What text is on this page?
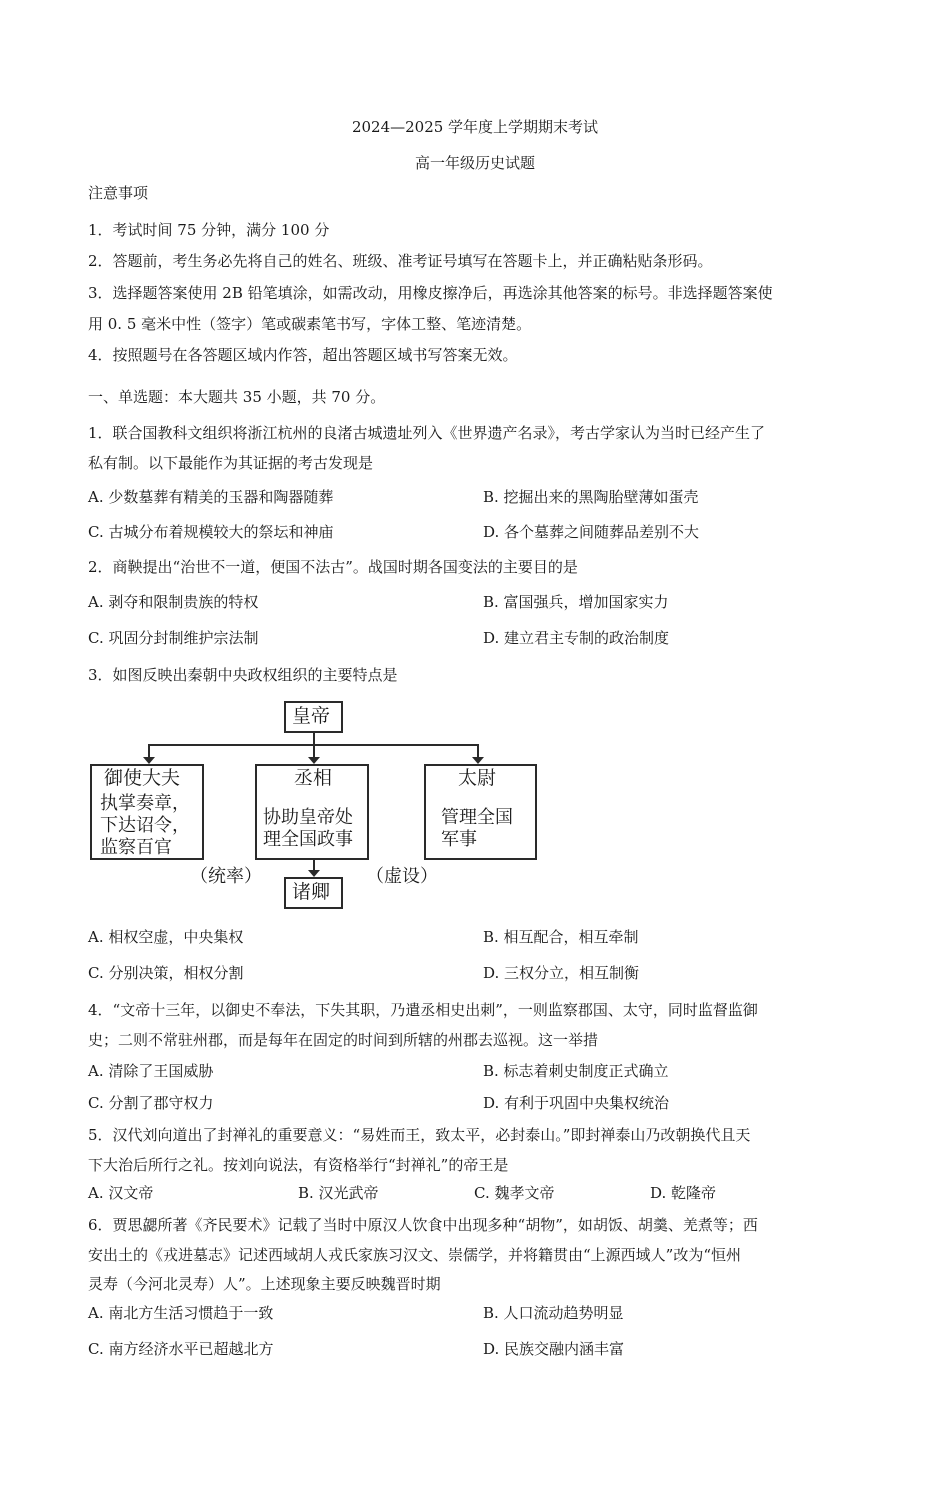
2024—2025 学年度上学期期末考试
高一年级历史试题
注意事项
1．考试时间 75 分钟，满分 100 分
2．答题前，考生务必先将自己的姓名、班级、准考证号填写在答题卡上，并正确粘贴条形码。
3．选择题答案使用 2B 铅笔填涂，如需改动，用橡皮擦净后，再选涂其他答案的标号。非选择题答案使
用 0. 5 毫米中性（签字）笔或碳素笔书写，字体工整、笔迹清楚。
4．按照题号在各答题区域内作答，超出答题区域书写答案无效。
一、单选题：本大题共 35 小题，共 70 分。
1．联合国教科文组织将浙江杭州的良渚古城遗址列入《世界遗产名录》，考古学家认为当时已经产生了
私有制。以下最能作为其证据的考古发现是
A. 少数墓葬有精美的玉器和陶器随葬	B. 挖掘出来的黑陶胎壁薄如蛋壳
C. 古城分布着规模较大的祭坛和神庙	D. 各个墓葬之间随葬品差别不大
2．商鞅提出“治世不一道，便国不法古”。战国时期各国变法的主要目的是
A. 剥夺和限制贵族的特权	B. 富国强兵，增加国家实力
C. 巩固分封制维护宗法制	D. 建立君主专制的政治制度
3．如图反映出秦朝中央政权组织的主要特点是
皇帝
御使大夫
执掌奏章，
下达诏令，
监察百官
丞相
协助皇帝处
理全国政事
太尉
管理全国
军事
诸卿
（统率）	（虚设）
A. 相权空虚，中央集权	B. 相互配合，相互牵制
C. 分别决策，相权分割	D. 三权分立，相互制衡
4．“文帝十三年，以御史不奉法，下失其职，乃遣丞相史出刺”，一则监察郡国、太守，同时监督监御
史；二则不常驻州郡，而是每年在固定的时间到所辖的州郡去巡视。这一举措
A. 清除了王国威胁	B. 标志着刺史制度正式确立
C. 分割了郡守权力	D. 有利于巩固中央集权统治
5．汉代刘向道出了封禅礼的重要意义：“易姓而王，致太平，必封泰山。”即封禅泰山乃改朝换代且天
下大治后所行之礼。按刘向说法，有资格举行“封禅礼”的帝王是
A. 汉文帝	B. 汉光武帝	C. 魏孝文帝	D. 乾隆帝
6．贾思勰所著《齐民要术》记载了当时中原汉人饮食中出现多种“胡物”，如胡饭、胡羹、羌煮等；西
安出土的《戎进墓志》记述西域胡人戎氏家族习汉文、崇儒学，并将籍贯由“上源西域人”改为“恒州
灵寿（今河北灵寿）人”。上述现象主要反映魏晋时期
A. 南北方生活习惯趋于一致	B. 人口流动趋势明显
C. 南方经济水平已超越北方	D. 民族交融内涵丰富
